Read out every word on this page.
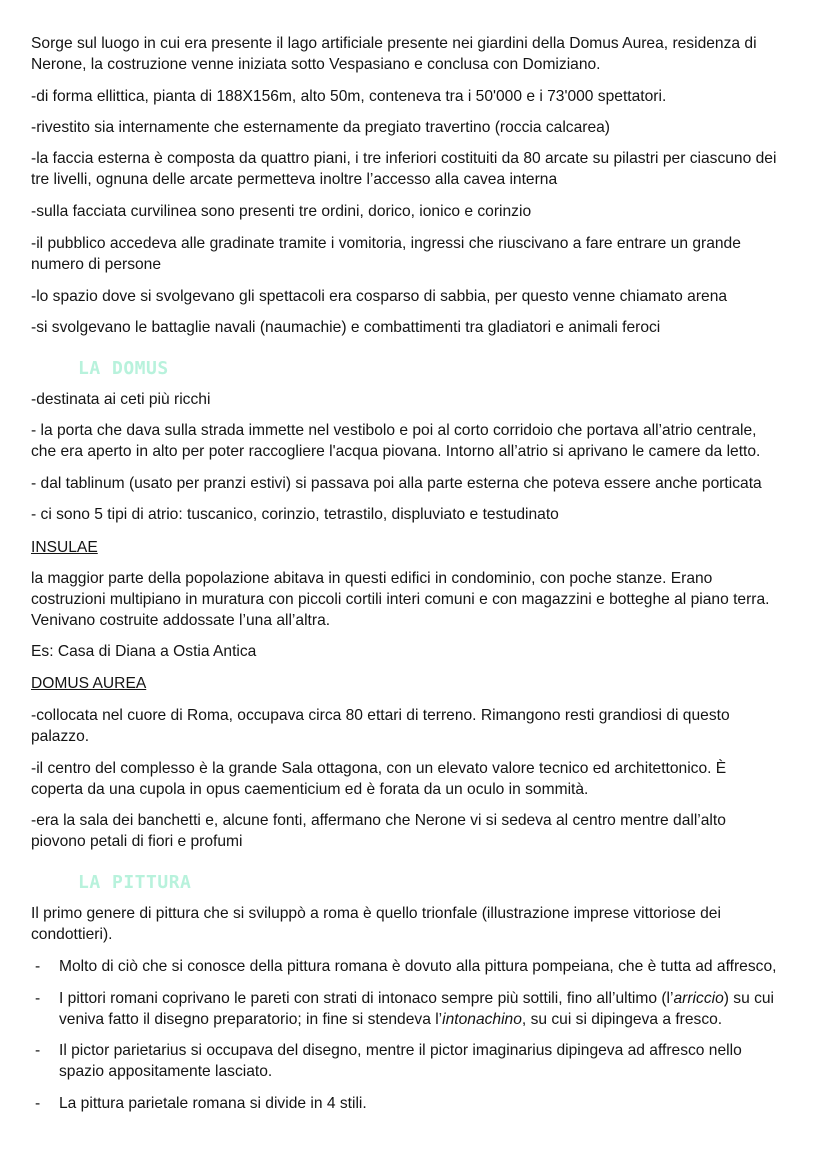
Sorge sul luogo in cui era presente il lago artificiale presente nei giardini della Domus Aurea, residenza di
Nerone, la costruzione venne iniziata sotto Vespasiano e conclusa con Domiziano.

-di forma ellittica, pianta di 188X156m, alto 50m, conteneva tra i 50'000 e i 73'000 spettatori.

-rivestito sia internamente che esternamente da pregiato travertino (roccia calcarea)

-la faccia esterna è composta da quattro piani, i tre inferiori costituiti da 80 arcate su pilastri per ciascuno dei
tre livelli, ognuna delle arcate permetteva inoltre l’accesso alla cavea interna

-sulla facciata curvilinea sono presenti tre ordini, dorico, ionico e corinzio

-il pubblico accedeva alle gradinate tramite i vomitoria, ingressi che riuscivano a fare entrare un grande
numero di persone

-lo spazio dove si svolgevano gli spettacoli era cosparso di sabbia, per questo venne chiamato arena

-si svolgevano le battaglie navali (naumachie) e combattimenti tra gladiatori e animali feroci

LA DOMUS

-destinata ai ceti più ricchi

- la porta che dava sulla strada immette nel vestibolo e poi al corto corridoio che portava all’atrio centrale,
che era aperto in alto per poter raccogliere l'acqua piovana. Intorno all’atrio si aprivano le camere da letto.

- dal tablinum (usato per pranzi estivi) si passava poi alla parte esterna che poteva essere anche porticata

- ci sono 5 tipi di atrio: tuscanico, corinzio, tetrastilo, displuviato e testudinato

INSULAE

la maggior parte della popolazione abitava in questi edifici in condominio, con poche stanze. Erano
costruzioni multipiano in muratura con piccoli cortili interi comuni e con magazzini e botteghe al piano terra.
Venivano costruite addossate l’una all’altra.

Es: Casa di Diana a Ostia Antica

DOMUS AUREA

-collocata nel cuore di Roma, occupava circa 80 ettari di terreno. Rimangono resti grandiosi di questo
palazzo.

-il centro del complesso è la grande Sala ottagona, con un elevato valore tecnico ed architettonico. È
coperta da una cupola in opus caementicium ed è forata da un oculo in sommità.

-era la sala dei banchetti e, alcune fonti, affermano che Nerone vi si sedeva al centro mentre dall’alto
piovono petali di fiori e profumi

LA PITTURA

Il primo genere di pittura che si sviluppò a roma è quello trionfale (illustrazione imprese vittoriose dei
condottieri).

- Molto di ciò che si conosce della pittura romana è dovuto alla pittura pompeiana, che è tutta ad affresco,

- I pittori romani coprivano le pareti con strati di intonaco sempre più sottili, fino all’ultimo (l’arriccio) su cui
veniva fatto il disegno preparatorio; in fine si stendeva l’intonachino, su cui si dipingeva a fresco.

- Il pictor parietarius si occupava del disegno, mentre il pictor imaginarius dipingeva ad affresco nello
spazio appositamente lasciato.

- La pittura parietale romana si divide in 4 stili.
